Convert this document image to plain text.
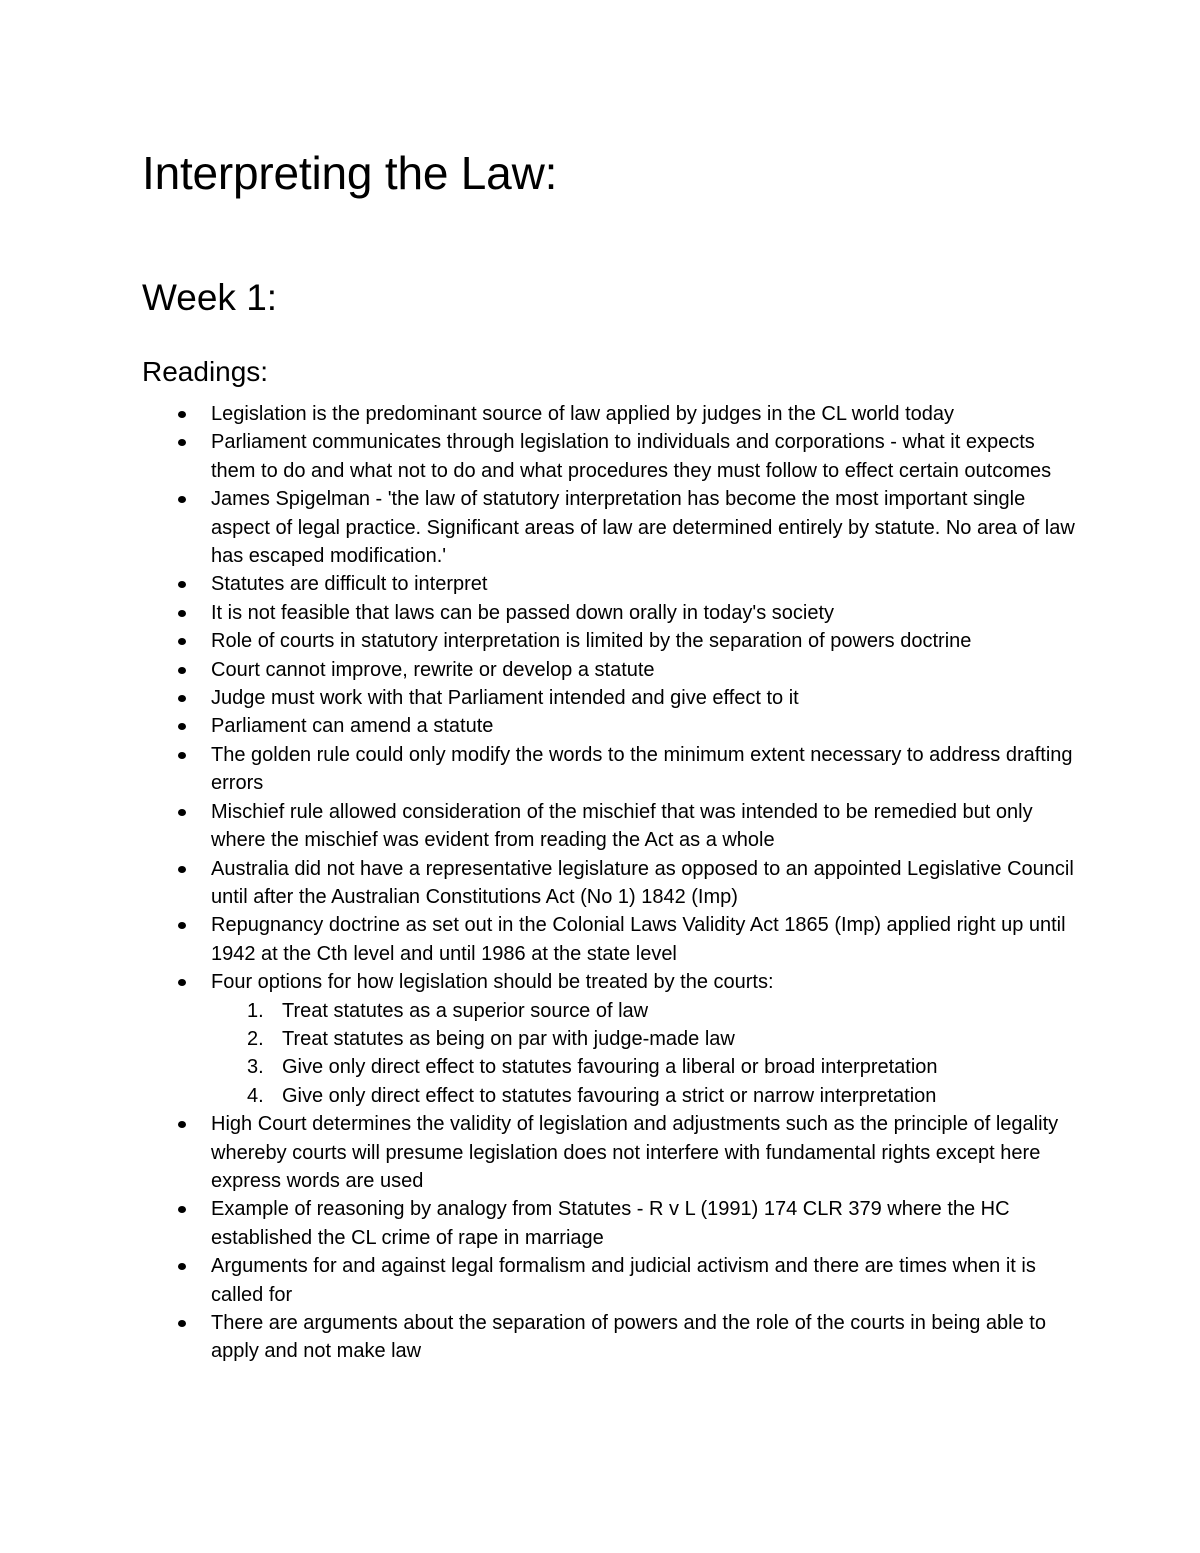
Interpreting the Law:
Week 1:
Readings:
Legislation is the predominant source of law applied by judges in the CL world today
Parliament communicates through legislation to individuals and corporations - what it expects them to do and what not to do and what procedures they must follow to effect certain outcomes
James Spigelman - 'the law of statutory interpretation has become the most important single aspect of legal practice. Significant areas of law are determined entirely by statute. No area of law has escaped modification.'
Statutes are difficult to interpret
It is not feasible that laws can be passed down orally in today's society
Role of courts in statutory interpretation is limited by the separation of powers doctrine
Court cannot improve, rewrite or develop a statute
Judge must work with that Parliament intended and give effect to it
Parliament can amend a statute
The golden rule could only modify the words to the minimum extent necessary to address drafting errors
Mischief rule allowed consideration of the mischief that was intended to be remedied but only where the mischief was evident from reading the Act as a whole
Australia did not have a representative legislature as opposed to an appointed Legislative Council until after the Australian Constitutions Act (No 1) 1842 (Imp)
Repugnancy doctrine as set out in the Colonial Laws Validity Act 1865 (Imp) applied right up until 1942 at the Cth level and until 1986 at the state level
Four options for how legislation should be treated by the courts:
1. Treat statutes as a superior source of law
2. Treat statutes as being on par with judge-made law
3. Give only direct effect to statutes favouring a liberal or broad interpretation
4. Give only direct effect to statutes favouring a strict or narrow interpretation
High Court determines the validity of legislation and adjustments such as the principle of legality whereby courts will presume legislation does not interfere with fundamental rights except here express words are used
Example of reasoning by analogy from Statutes - R v L (1991) 174 CLR 379 where the HC established the CL crime of rape in marriage
Arguments for and against legal formalism and judicial activism and there are times when it is called for
There are arguments about the separation of powers and the role of the courts in being able to apply and not make law
